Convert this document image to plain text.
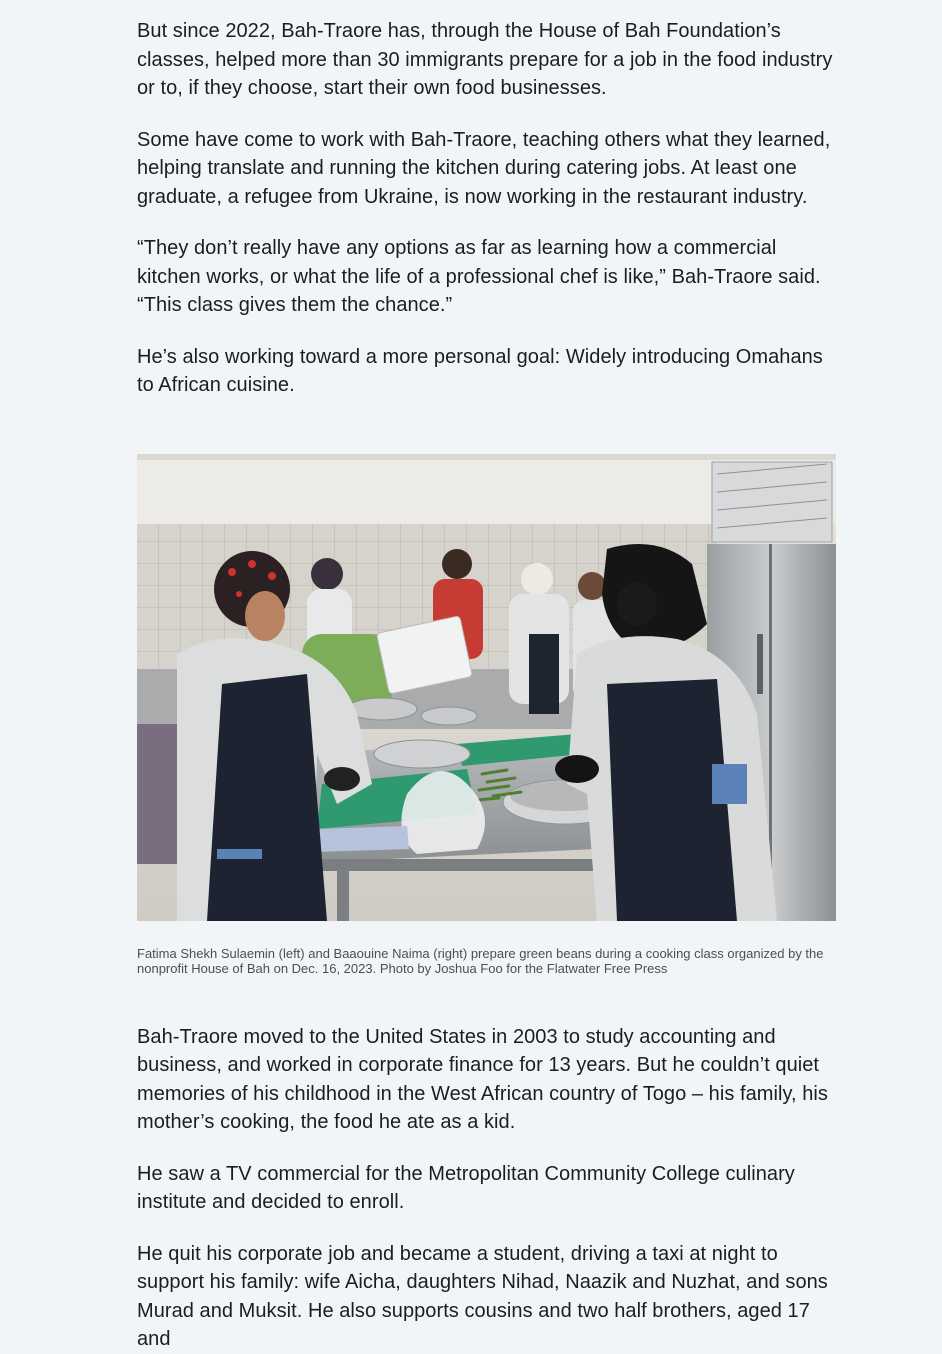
But since 2022, Bah-Traore has, through the House of Bah Foundation’s classes, helped more than 30 immigrants prepare for a job in the food industry or to, if they choose, start their own food businesses.

Some have come to work with Bah-Traore, teaching others what they learned, helping translate and running the kitchen during catering jobs. At least one graduate, a refugee from Ukraine, is now working in the restaurant industry.

“They don’t really have any options as far as learning how a commercial kitchen works, or what the life of a professional chef is like,” Bah-Traore said. “This class gives them the chance.”

He’s also working toward a more personal goal: Widely introducing Omahans to African cuisine.

Fatima Shekh Sulaemin (left) and Baaouine Naima (right) prepare green beans during a cooking class organized by the nonprofit House of Bah on Dec. 16, 2023. Photo by Joshua Foo for the Flatwater Free Press

Bah-Traore moved to the United States in 2003 to study accounting and business, and worked in corporate finance for 13 years. But he couldn’t quiet memories of his childhood in the West African country of Togo – his family, his mother’s cooking, the food he ate as a kid.

He saw a TV commercial for the Metropolitan Community College culinary institute and decided to enroll.

He quit his corporate job and became a student, driving a taxi at night to support his family: wife Aicha, daughters Nihad, Naazik and Nuzhat, and sons Murad and Muksit. He also supports cousins and two half brothers, aged 17 and
